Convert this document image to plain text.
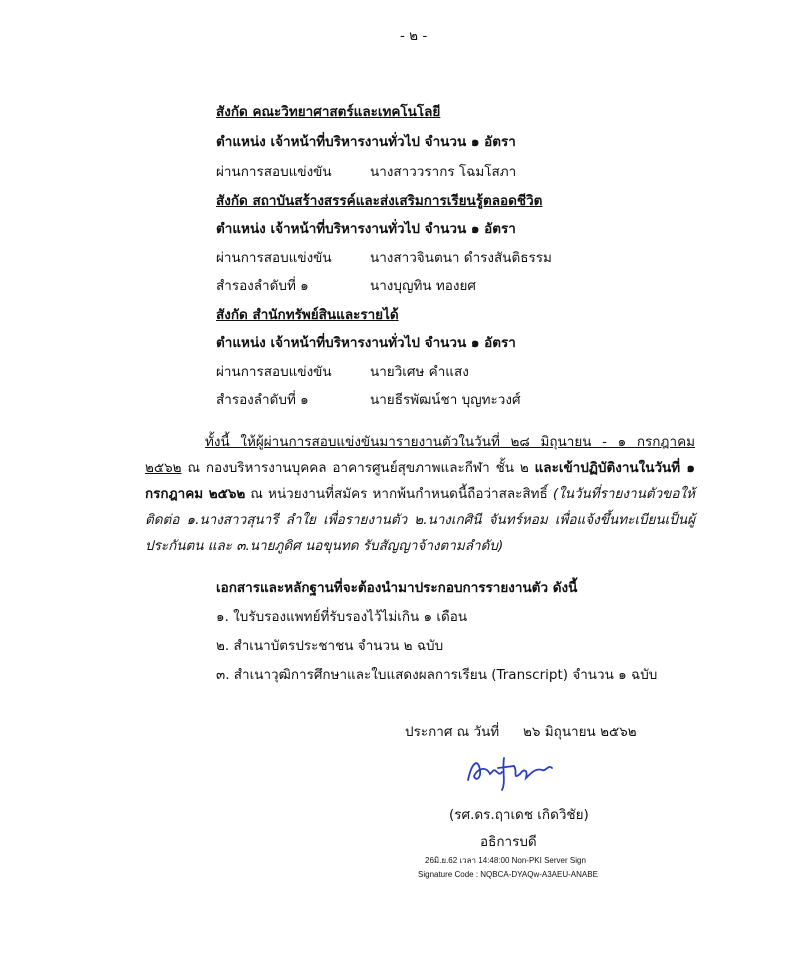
- ๒ -
สังกัด คณะวิทยาศาสตร์และเทคโนโลยี
ตำแหน่ง เจ้าหน้าที่บริหารงานทั่วไป จำนวน ๑ อัตรา
ผ่านการสอบแข่งขัน	นางสาววรากร โฉมโสภา
สังกัด สถาบันสร้างสรรค์และส่งเสริมการเรียนรู้ตลอดชีวิต
ตำแหน่ง เจ้าหน้าที่บริหารงานทั่วไป จำนวน ๑ อัตรา
ผ่านการสอบแข่งขัน	นางสาวจินตนา ดำรงสันติธรรม
สำรองลำดับที่ ๑	นางบุญทิน ทองยศ
สังกัด สำนักทรัพย์สินและรายได้
ตำแหน่ง เจ้าหน้าที่บริหารงานทั่วไป จำนวน ๑ อัตรา
ผ่านการสอบแข่งขัน	นายวิเศษ คำแสง
สำรองลำดับที่ ๑	นายธีรพัฒน์ชา บุญทะวงศ์
ทั้งนี้ ให้ผู้ผ่านการสอบแข่งขันมารายงานตัวในวันที่ ๒๘ มิถุนายน - ๑ กรกฎาคม ๒๕๖๒ ณ กองบริหารงานบุคคล อาคารศูนย์สุขภาพและกีฬา ชั้น ๒ และเข้าปฏิบัติงานในวันที่ ๑ กรกฎาคม ๒๕๖๒ ณ หน่วยงานที่สมัคร หากพ้นกำหนดนี้ถือว่าสละสิทธิ์ (ในวันที่รายงานตัวขอให้ติดต่อ ๑.นางสาวสุนารี ลำใย เพื่อรายงานตัว ๒.นางเกศินี จันทร์หอม เพื่อแจ้งขึ้นทะเบียนเป็นผู้ประกันตน และ ๓.นายภูดิศ นอขุนทด รับสัญญาจ้างตามลำดับ)
เอกสารและหลักฐานที่จะต้องนำมาประกอบการรายงานตัว ดังนี้
๑. ใบรับรองแพทย์ที่รับรองไว้ไม่เกิน ๑ เดือน
๒. สำเนาบัตรประชาชน จำนวน ๒ ฉบับ
๓. สำเนาวุฒิการศึกษาและใบแสดงผลการเรียน (Transcript) จำนวน ๑ ฉบับ
ประกาศ ณ วันที่ ๒๖ มิถุนายน ๒๕๖๒
(รศ.ดร.ฤาเดช เกิดวิชัย)
อธิการบดี
26มิ.ย.62 เวลา 14:48:00 Non-PKI Server Sign
Signature Code : NQBCA-DYAQw-A3AEU-ANABE
